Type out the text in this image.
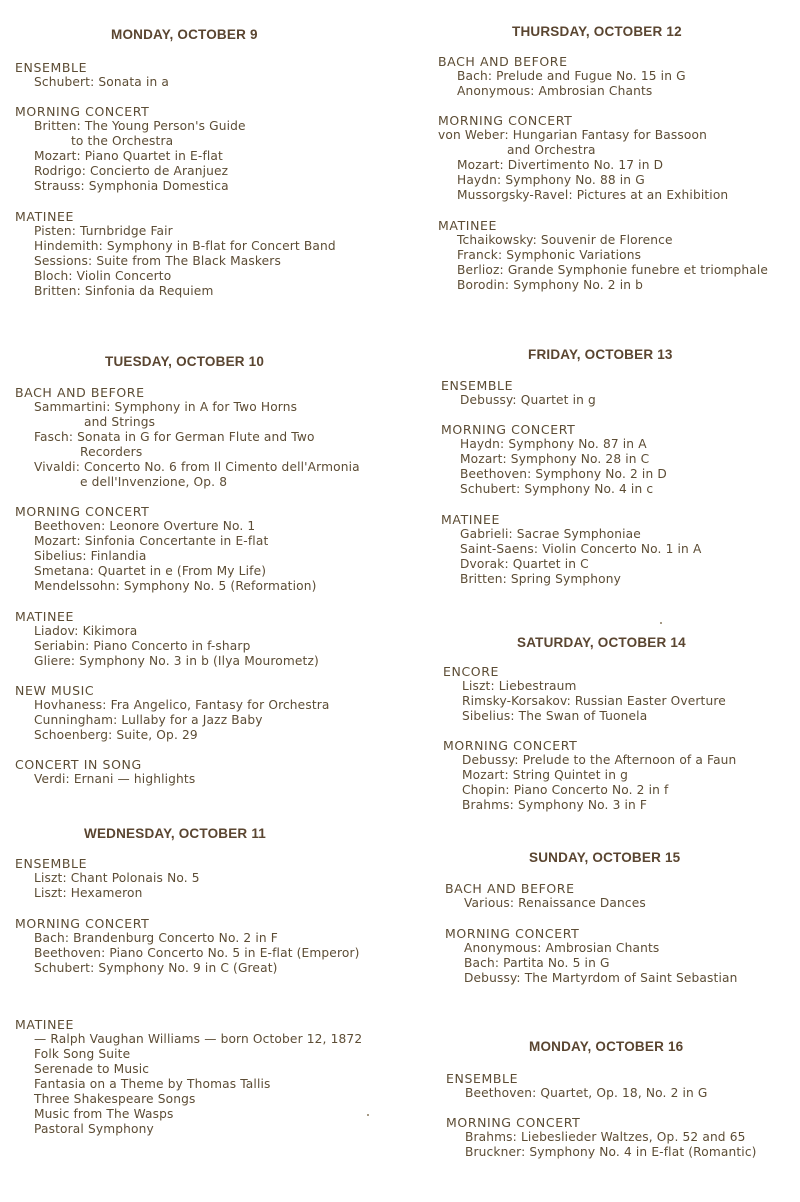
MONDAY, OCTOBER 9
ENSEMBLE
Schubert: Sonata in a
MORNING CONCERT
Britten: The Young Person's Guide
to the Orchestra
Mozart: Piano Quartet in E-flat
Rodrigo: Concierto de Aranjuez
Strauss: Symphonia Domestica
MATINEE
Pisten: Turnbridge Fair
Hindemith: Symphony in B-flat for Concert Band
Sessions: Suite from The Black Maskers
Bloch: Violin Concerto
Britten: Sinfonia da Requiem
TUESDAY, OCTOBER 10
BACH AND BEFORE
Sammartini: Symphony in A for Two Horns
and Strings
Fasch: Sonata in G for German Flute and Two
Recorders
Vivaldi: Concerto No. 6 from Il Cimento dell'Armonia
e dell'Invenzione, Op. 8
MORNING CONCERT
Beethoven: Leonore Overture No. 1
Mozart: Sinfonia Concertante in E-flat
Sibelius: Finlandia
Smetana: Quartet in e (From My Life)
Mendelssohn: Symphony No. 5 (Reformation)
MATINEE
Liadov: Kikimora
Seriabin: Piano Concerto in f-sharp
Gliere: Symphony No. 3 in b (Ilya Mourometz)
NEW MUSIC
Hovhaness: Fra Angelico, Fantasy for Orchestra
Cunningham: Lullaby for a Jazz Baby
Schoenberg: Suite, Op. 29
CONCERT IN SONG
Verdi: Ernani — highlights
WEDNESDAY, OCTOBER 11
ENSEMBLE
Liszt: Chant Polonais No. 5
Liszt: Hexameron
MORNING CONCERT
Bach: Brandenburg Concerto No. 2 in F
Beethoven: Piano Concerto No. 5 in E-flat (Emperor)
Schubert: Symphony No. 9 in C (Great)
MATINEE
— Ralph Vaughan Williams — born October 12, 1872
Folk Song Suite
Serenade to Music
Fantasia on a Theme by Thomas Tallis
Three Shakespeare Songs
Music from The Wasps
Pastoral Symphony
THURSDAY, OCTOBER 12
BACH AND BEFORE
Bach: Prelude and Fugue No. 15 in G
Anonymous: Ambrosian Chants
MORNING CONCERT
von Weber: Hungarian Fantasy for Bassoon
and Orchestra
Mozart: Divertimento No. 17 in D
Haydn: Symphony No. 88 in G
Mussorgsky-Ravel: Pictures at an Exhibition
MATINEE
Tchaikowsky: Souvenir de Florence
Franck: Symphonic Variations
Berlioz: Grande Symphonie funebre et triomphale
Borodin: Symphony No. 2 in b
FRIDAY, OCTOBER 13
ENSEMBLE
Debussy: Quartet in g
MORNING CONCERT
Haydn: Symphony No. 87 in A
Mozart: Symphony No. 28 in C
Beethoven: Symphony No. 2 in D
Schubert: Symphony No. 4 in c
MATINEE
Gabrieli: Sacrae Symphoniae
Saint-Saens: Violin Concerto No. 1 in A
Dvorak: Quartet in C
Britten: Spring Symphony
SATURDAY, OCTOBER 14
ENCORE
Liszt: Liebestraum
Rimsky-Korsakov: Russian Easter Overture
Sibelius: The Swan of Tuonela
MORNING CONCERT
Debussy: Prelude to the Afternoon of a Faun
Mozart: String Quintet in g
Chopin: Piano Concerto No. 2 in f
Brahms: Symphony No. 3 in F
SUNDAY, OCTOBER 15
BACH AND BEFORE
Various: Renaissance Dances
MORNING CONCERT
Anonymous: Ambrosian Chants
Bach: Partita No. 5 in G
Debussy: The Martyrdom of Saint Sebastian
MONDAY, OCTOBER 16
ENSEMBLE
Beethoven: Quartet, Op. 18, No. 2 in G
MORNING CONCERT
Brahms: Liebeslieder Waltzes, Op. 52 and 65
Bruckner: Symphony No. 4 in E-flat (Romantic)
